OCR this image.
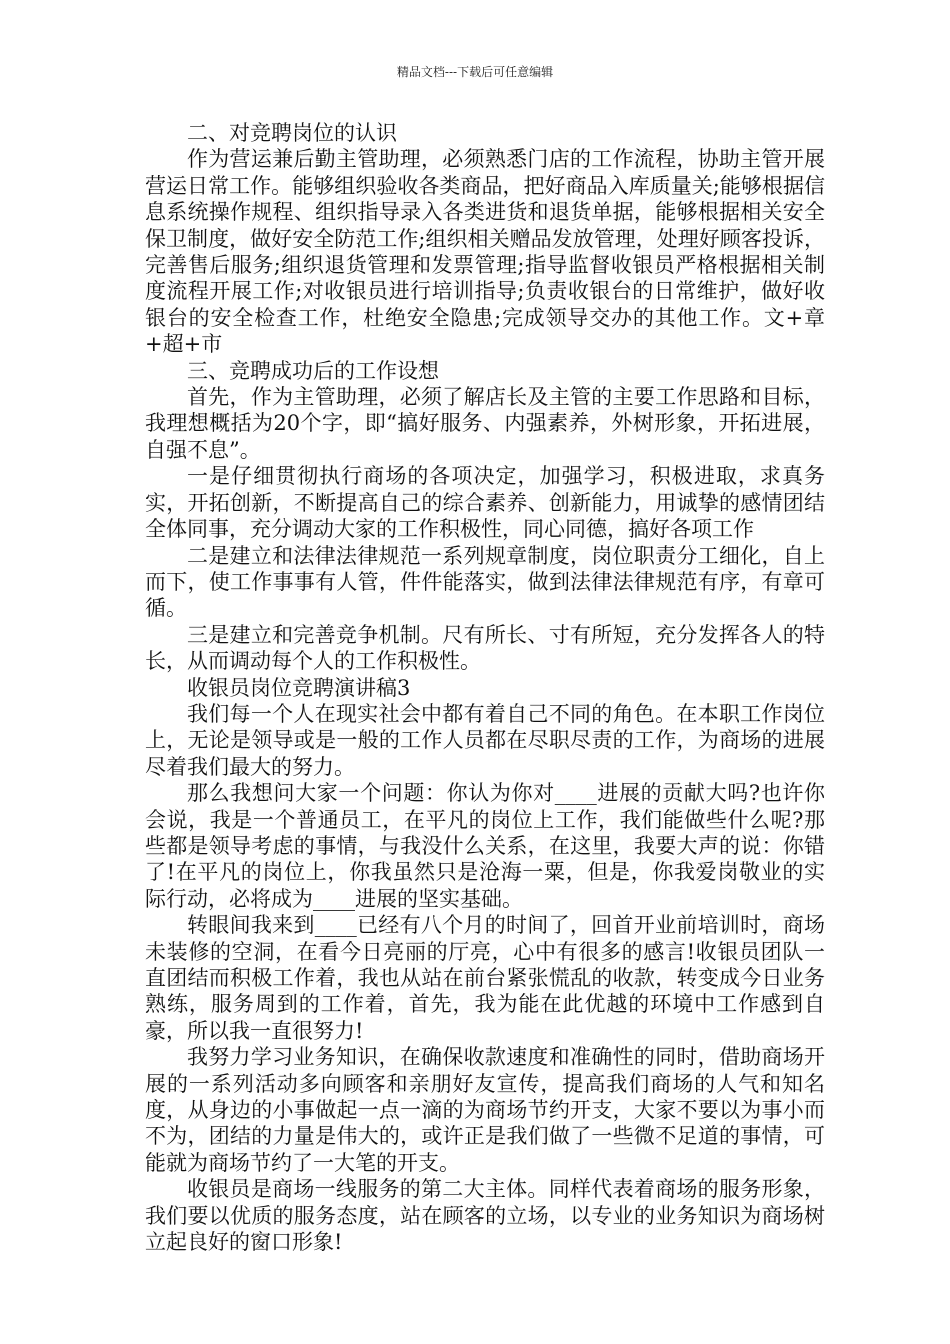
精品文档---下载后可任意编辑

二、对竞聘岗位的认识

作为营运兼后勤主管助理，必须熟悉门店的工作流程，协助主管开展营运日常工作。能够组织验收各类商品，把好商品入库质量关;能够根据信息系统操作规程、组织指导录入各类进货和退货单据，能够根据相关安全保卫制度，做好安全防范工作;组织相关赠品发放管理，处理好顾客投诉，完善售后服务;组织退货管理和发票管理;指导监督收银员严格根据相关制度流程开展工作;对收银员进行培训指导;负责收银台的日常维护，做好收银台的安全检查工作，杜绝安全隐患;完成领导交办的其他工作。文+章+超+市

三、竞聘成功后的工作设想

首先，作为主管助理，必须了解店长及主管的主要工作思路和目标，我理想概括为20个字，即“搞好服务、内强素养，外树形象，开拓进展，自强不息”。

一是仔细贯彻执行商场的各项决定，加强学习，积极进取，求真务实，开拓创新，不断提高自己的综合素养、创新能力，用诚挚的感情团结全体同事，充分调动大家的工作积极性，同心同德，搞好各项工作

二是建立和法律法律规范一系列规章制度，岗位职责分工细化，自上而下，使工作事事有人管，件件能落实，做到法律法律规范有序，有章可循。

三是建立和完善竞争机制。尺有所长、寸有所短，充分发挥各人的特长，从而调动每个人的工作积极性。

收银员岗位竞聘演讲稿3

我们每一个人在现实社会中都有着自己不同的角色。在本职工作岗位上，无论是领导或是一般的工作人员都在尽职尽责的工作，为商场的进展尽着我们最大的努力。

那么我想问大家一个问题：你认为你对____进展的贡献大吗?也许你会说，我是一个普通员工，在平凡的岗位上工作，我们能做些什么呢?那些都是领导考虑的事情，与我没什么关系，在这里，我要大声的说：你错了!在平凡的岗位上，你我虽然只是沧海一粟，但是，你我爱岗敬业的实际行动，必将成为____进展的坚实基础。

转眼间我来到____已经有八个月的时间了，回首开业前培训时，商场未装修的空洞，在看今日亮丽的厅亮，心中有很多的感言!收银员团队一直团结而积极工作着，我也从站在前台紧张慌乱的收款，转变成今日业务熟练，服务周到的工作着，首先，我为能在此优越的环境中工作感到自豪，所以我一直很努力!

我努力学习业务知识，在确保收款速度和准确性的同时，借助商场开展的一系列活动多向顾客和亲朋好友宣传，提高我们商场的人气和知名度，从身边的小事做起一点一滴的为商场节约开支，大家不要以为事小而不为，团结的力量是伟大的，或许正是我们做了一些微不足道的事情，可能就为商场节约了一大笔的开支。

收银员是商场一线服务的第二大主体。同样代表着商场的服务形象，我们要以优质的服务态度，站在顾客的立场，以专业的业务知识为商场树立起良好的窗口形象!
